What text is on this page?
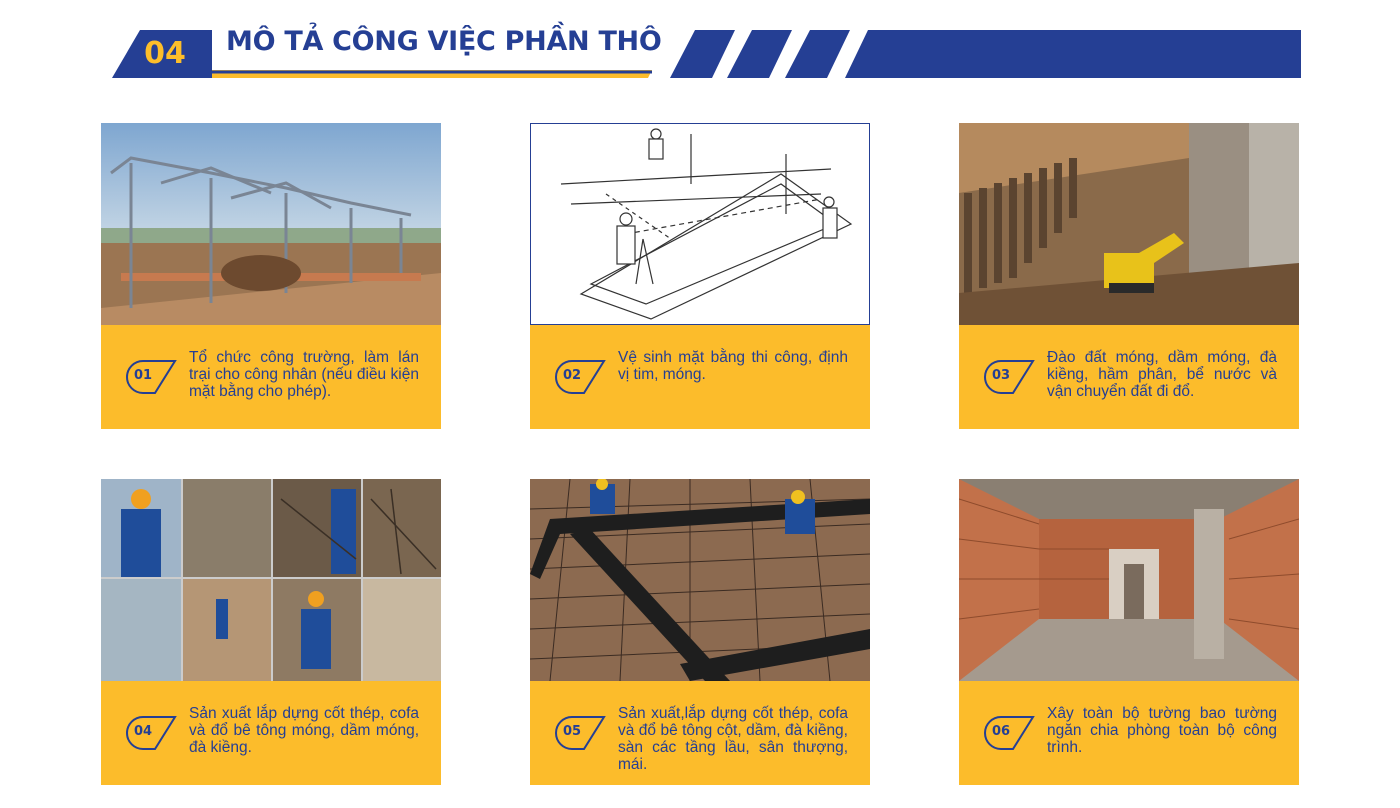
04 MÔ TẢ CÔNG VIỆC PHẦN THÔ
01
Tổ chức công trường, làm lán trại cho công nhân (nếu điều kiện mặt bằng cho phép).
02
Vệ sinh mặt bằng thi công, định vị tim, móng.	03
Đào đất móng, dầm móng, đà kiềng, hầm phân, bể nước và vận chuyển đất đi đổ.
04
Sản xuất lắp dựng cốt thép, cofa và đổ bê tông móng, dầm móng, đà kiềng.
05
Sản xuất,lắp dựng cốt thép, cofa và đổ bê tông cột, dầm, đà kiềng, sàn các tầng lầu, sân thượng, mái.
06
Xây toàn bộ tường bao tường ngăn chia phòng toàn bộ công trình.
